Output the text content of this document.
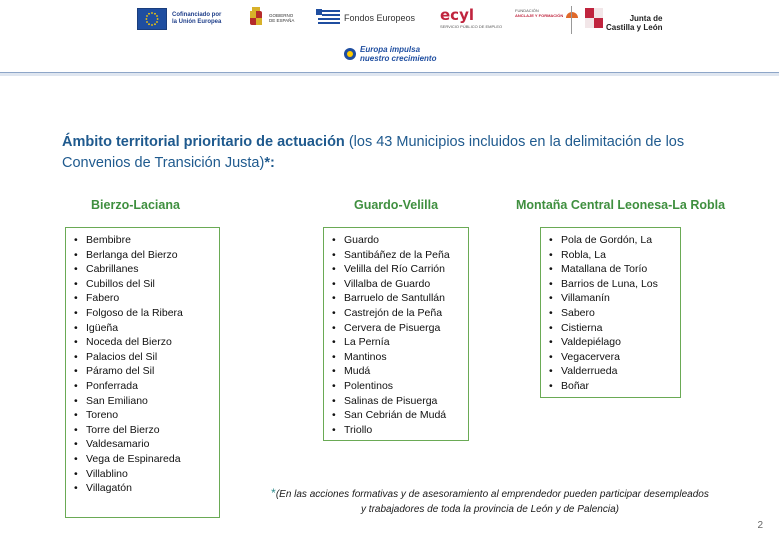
Cofinanciado por
la Unión Europea
GOBIERNO
DE ESPAÑA	Fondos Europeos ecyl
SERVICIO PÚBLICO DE EMPLEO
FUNDACIÓN
ANCLAJE Y FORMACIÓN	Junta de
Castilla y León
Europa impulsa
nuestro crecimiento
Ámbito territorial prioritario de actuación (los 43 Municipios incluidos en la delimitación de los Convenios de Transición Justa)*:
Bierzo-Laciana	Guardo-Velilla	Montaña Central Leonesa-La Robla
• Bembibre
• Berlanga del Bierzo
• Cabrillanes
• Cubillos del Sil
• Fabero
• Folgoso de la Ribera
• Igüeña
• Noceda del Bierzo
• Palacios del Sil
• Páramo del Sil
• Ponferrada
• San Emiliano
• Toreno
• Torre del Bierzo
• Valdesamario
• Vega de Espinareda
• Villablino
• Villagatón
• Guardo
• Santibáñez de la Peña
• Velilla del Río Carrión
• Villalba de Guardo
• Barruelo de Santullán
• Castrejón de la Peña
• Cervera de Pisuerga
• La Pernía
• Mantinos
• Mudá
• Polentinos
• Salinas de Pisuerga
• San Cebrián de Mudá
• Triollo
• Pola de Gordón, La
• Robla, La
• Matallana de Torío
• Barrios de Luna, Los
• Villamanín
• Sabero
• Cistierna
• Valdepiélago
• Vegacervera
• Valderrueda
• Boñar
*(En las acciones formativas y de asesoramiento al emprendedor pueden participar desempleados y trabajadores de toda la provincia de León y de Palencia)
2
